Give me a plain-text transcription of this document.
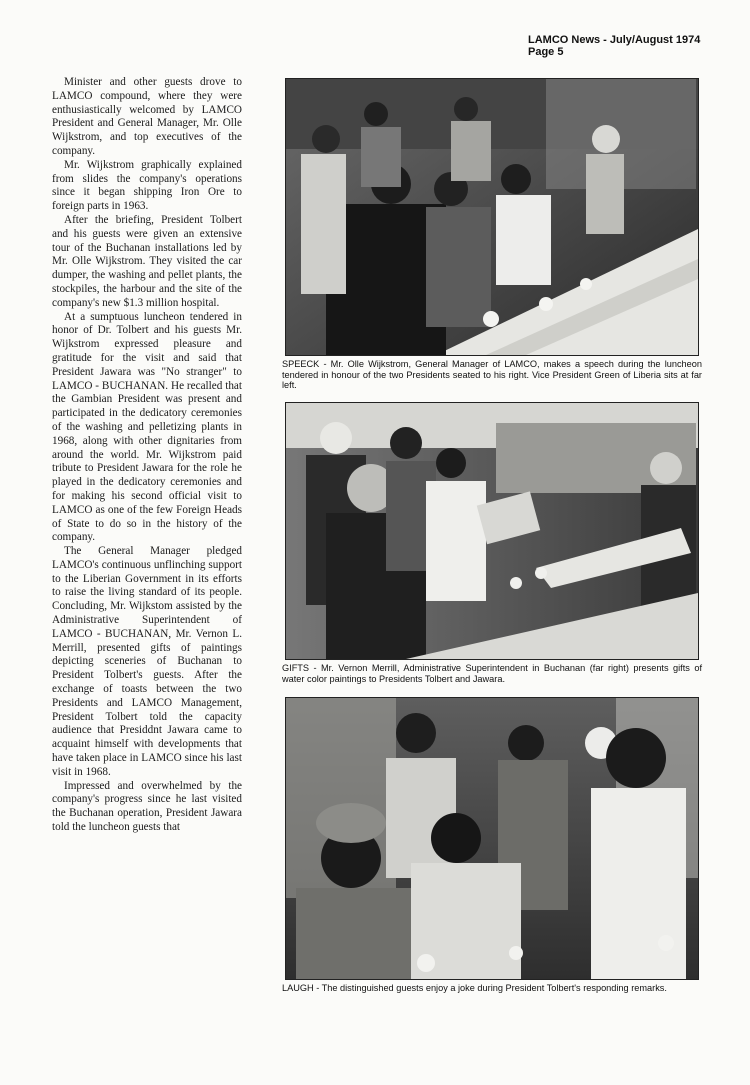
LAMCO News - July/August 1974
Page 5

Minister and other guests drove to LAMCO compound, where they were enthusiastically welcomed by LAMCO President and General Manager, Mr. Olle Wijkstrom, and top executives of the company.

Mr. Wijkstrom graphically explained from slides the company's operations since it began shipping Iron Ore to foreign parts in 1963.

After the briefing, President Tolbert and his guests were given an extensive tour of the Buchanan installations led by Mr. Olle Wijkstrom. They visited the car dumper, the washing and pellet plants, the stockpiles, the harbour and the site of the company's new $1.3 million hospital.

At a sumptuous luncheon tendered in honor of Dr. Tolbert and his guests Mr. Wijkstrom expressed pleasure and gratitude for the visit and said that President Jawara was "No stranger" to LAMCO - BUCHANAN. He recalled that the Gambian President was present and participated in the dedicatory ceremonies of the washing and pelletizing plants in 1968, along with other dignitaries from around the world. Mr. Wijkstrom paid tribute to President Jawara for the role he played in the dedicatory ceremonies and for making his second official visit to LAMCO as one of the few Foreign Heads of State to do so in the history of the company.

The General Manager pledged LAMCO's continuous unflinching support to the Liberian Government in its efforts to raise the living standard of its people. Concluding, Mr. Wijkstom assisted by the Administrative Superintendent of LAMCO - BUCHANAN, Mr. Vernon L. Merrill, presented gifts of paintings depicting sceneries of Buchanan to President Tolbert's guests. After the exchange of toasts between the two Presidents and LAMCO Management, President Tolbert told the capacity audience that Presiddnt Jawara came to acquaint himself with developments that have taken place in LAMCO since his last visit in 1968.

Impressed and overwhelmed by the company's progress since he last visited the Buchanan operation, President Jawara told the luncheon guests that

SPEECK - Mr. Olle Wijkstrom, General Manager of LAMCO, makes a speech during the luncheon tendered in honour of the two Presidents seated to his right. Vice President Green of Liberia sits at far left.
GIFTS - Mr. Vernon Merrill, Administrative Superintendent in Buchanan (far right) presents gifts of water color paintings to Presidents Tolbert and Jawara.
LAUGH - The distinguished guests enjoy a joke during President Tolbert's responding remarks.
